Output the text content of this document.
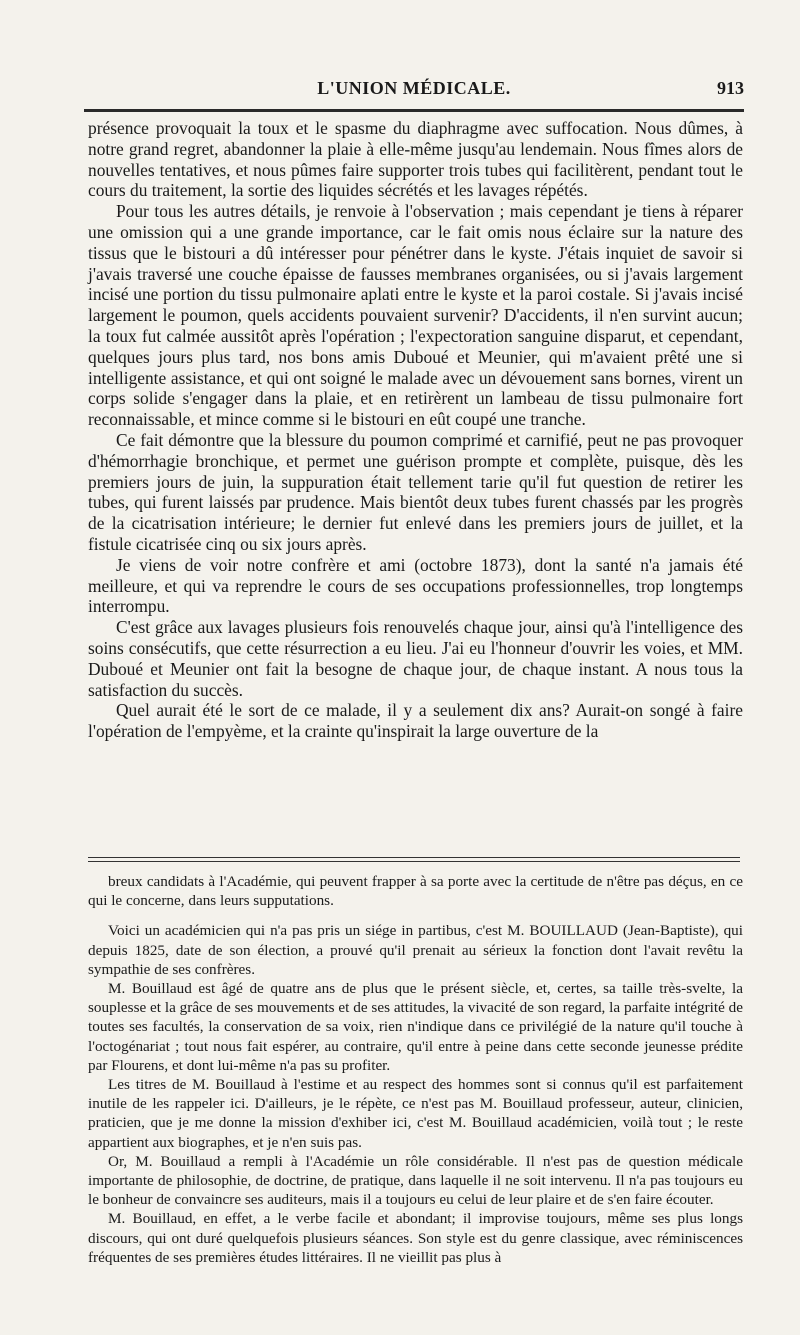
L'UNION MÉDICALE.	913

présence provoquait la toux et le spasme du diaphragme avec suffocation. Nous dûmes, à notre grand regret, abandonner la plaie à elle-même jusqu'au lendemain. Nous fîmes alors de nouvelles tentatives, et nous pûmes faire supporter trois tubes qui facilitèrent, pendant tout le cours du traitement, la sortie des liquides sécrétés et les lavages répétés.

Pour tous les autres détails, je renvoie à l'observation ; mais cependant je tiens à réparer une omission qui a une grande importance, car le fait omis nous éclaire sur la nature des tissus que le bistouri a dû intéresser pour pénétrer dans le kyste. J'étais inquiet de savoir si j'avais traversé une couche épaisse de fausses membranes organisées, ou si j'avais largement incisé une portion du tissu pulmonaire aplati entre le kyste et la paroi costale. Si j'avais incisé largement le poumon, quels accidents pouvaient survenir? D'accidents, il n'en survint aucun; la toux fut calmée aussitôt après l'opération ; l'expectoration sanguine disparut, et cependant, quelques jours plus tard, nos bons amis Duboué et Meunier, qui m'avaient prêté une si intelligente assistance, et qui ont soigné le malade avec un dévouement sans bornes, virent un corps solide s'engager dans la plaie, et en retirèrent un lambeau de tissu pulmonaire fort reconnaissable, et mince comme si le bistouri en eût coupé une tranche.

Ce fait démontre que la blessure du poumon comprimé et carnifié, peut ne pas provoquer d'hémorrhagie bronchique, et permet une guérison prompte et complète, puisque, dès les premiers jours de juin, la suppuration était tellement tarie qu'il fut question de retirer les tubes, qui furent laissés par prudence. Mais bientôt deux tubes furent chassés par les progrès de la cicatrisation intérieure; le dernier fut enlevé dans les premiers jours de juillet, et la fistule cicatrisée cinq ou six jours après.

Je viens de voir notre confrère et ami (octobre 1873), dont la santé n'a jamais été meilleure, et qui va reprendre le cours de ses occupations professionnelles, trop longtemps interrompu.

C'est grâce aux lavages plusieurs fois renouvelés chaque jour, ainsi qu'à l'intelligence des soins consécutifs, que cette résurrection a eu lieu. J'ai eu l'honneur d'ouvrir les voies, et MM. Duboué et Meunier ont fait la besogne de chaque jour, de chaque instant. A nous tous la satisfaction du succès.

Quel aurait été le sort de ce malade, il y a seulement dix ans? Aurait-on songé à faire l'opération de l'empyème, et la crainte qu'inspirait la large ouverture de la

breux candidats à l'Académie, qui peuvent frapper à sa porte avec la certitude de n'être pas déçus, en ce qui le concerne, dans leurs supputations.

Voici un académicien qui n'a pas pris un siége in partibus, c'est M. BOUILLAUD (Jean-Baptiste), qui depuis 1825, date de son élection, a prouvé qu'il prenait au sérieux la fonction dont l'avait revêtu la sympathie de ses confrères.

M. Bouillaud est âgé de quatre ans de plus que le présent siècle, et, certes, sa taille très-svelte, la souplesse et la grâce de ses mouvements et de ses attitudes, la vivacité de son regard, la parfaite intégrité de toutes ses facultés, la conservation de sa voix, rien n'indique dans ce privilégié de la nature qu'il touche à l'octogénariat ; tout nous fait espérer, au contraire, qu'il entre à peine dans cette seconde jeunesse prédite par Flourens, et dont lui-même n'a pas su profiter.

Les titres de M. Bouillaud à l'estime et au respect des hommes sont si connus qu'il est parfaitement inutile de les rappeler ici. D'ailleurs, je le répète, ce n'est pas M. Bouillaud professeur, auteur, clinicien, praticien, que je me donne la mission d'exhiber ici, c'est M. Bouillaud académicien, voilà tout ; le reste appartient aux biographes, et je n'en suis pas.

Or, M. Bouillaud a rempli à l'Académie un rôle considérable. Il n'est pas de question médicale importante de philosophie, de doctrine, de pratique, dans laquelle il ne soit intervenu. Il n'a pas toujours eu le bonheur de convaincre ses auditeurs, mais il a toujours eu celui de leur plaire et de s'en faire écouter.

M. Bouillaud, en effet, a le verbe facile et abondant; il improvise toujours, même ses plus longs discours, qui ont duré quelquefois plusieurs séances. Son style est du genre classique, avec réminiscences fréquentes de ses premières études littéraires. Il ne vieillit pas plus à
